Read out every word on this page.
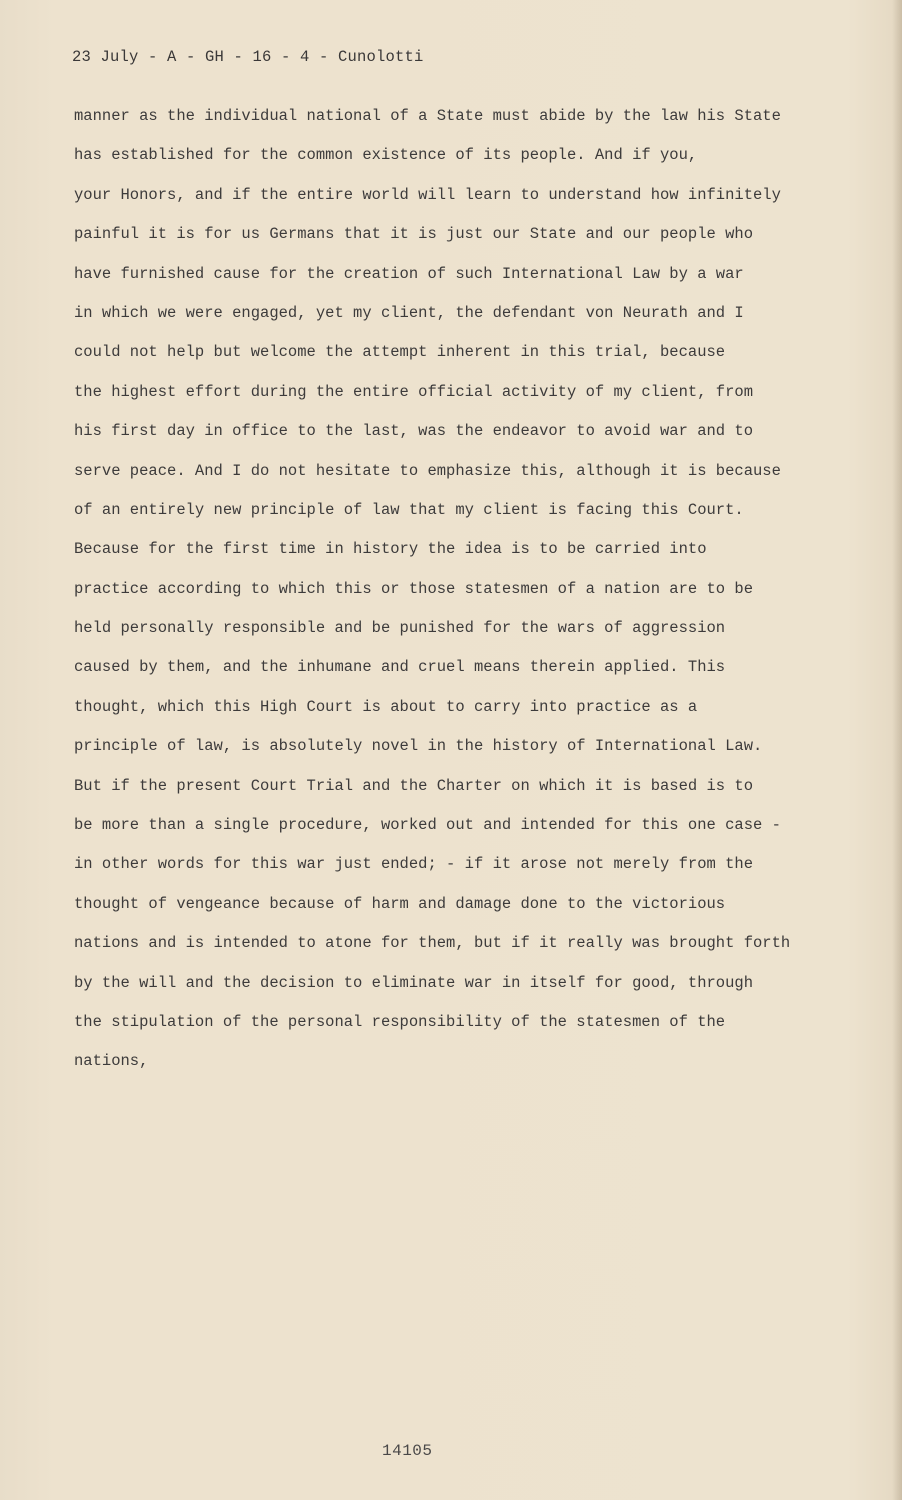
23 July - A - GH - 16 - 4 - Cunolotti
manner as the individual national of a State must abide by the law his State
has established for the common existence of its people. And if you,
your Honors, and if the entire world will learn to understand how infinitely
painful it is for us Germans that it is just our State and our people who
have furnished cause for the creation of such International Law by a war
in which we were engaged, yet my client, the defendant von Neurath and I
could not help but welcome the attempt inherent in this trial, because
the highest effort during the entire official activity of my client, from
his first day in office to the last, was the endeavor to avoid war and to
serve peace. And I do not hesitate to emphasize this, although it is because
of an entirely new principle of law that my client is facing this Court.
Because for the first time in history the idea is to be carried into
practice according to which this or those statesmen of a nation are to be
held personally responsible and be punished for the wars of aggression
caused by them, and the inhumane and cruel means therein applied. This
thought, which this High Court is about to carry into practice as a
principle of law, is absolutely novel in the history of International Law.
But if the present Court Trial and the Charter on which it is based is to
be more than a single procedure, worked out and intended for this one case -
in other words for this war just ended; - if it arose not merely from the
thought of vengeance because of harm and damage done to the victorious
nations and is intended to atone for them, but if it really was brought forth
by the will and the decision to eliminate war in itself for good, through
the stipulation of the personal responsibility of the statesmen of the
nations,
14105
